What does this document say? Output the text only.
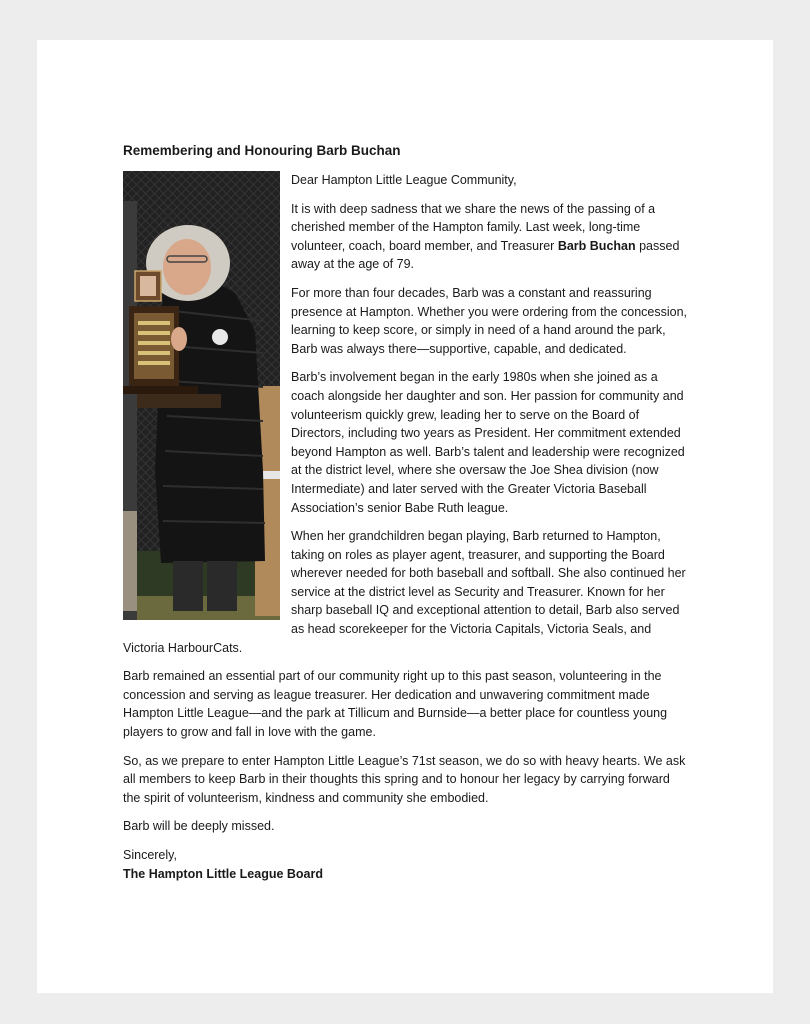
Remembering and Honouring Barb Buchan

Dear Hampton Little League Community,

It is with deep sadness that we share the news of the passing of a cherished member of the Hampton family. Last week, long-time volunteer, coach, board member, and Treasurer Barb Buchan passed away at the age of 79.

For more than four decades, Barb was a constant and reassuring presence at Hampton. Whether you were ordering from the concession, learning to keep score, or simply in need of a hand around the park, Barb was always there—supportive, capable, and dedicated.

Barb’s involvement began in the early 1980s when she joined as a coach alongside her daughter and son. Her passion for community and volunteerism quickly grew, leading her to serve on the Board of Directors, including two years as President. Her commitment extended beyond Hampton as well. Barb’s talent and leadership were recognized at the district level, where she oversaw the Joe Shea division (now Intermediate) and later served with the Greater Victoria Baseball Association’s senior Babe Ruth league.

When her grandchildren began playing, Barb returned to Hampton, taking on roles as player agent, treasurer, and supporting the Board wherever needed for both baseball and softball. She also continued her service at the district level as Security and Treasurer. Known for her sharp baseball IQ and exceptional attention to detail, Barb also served as head scorekeeper for the Victoria Capitals, Victoria Seals, and Victoria HarbourCats.

Barb remained an essential part of our community right up to this past season, volunteering in the concession and serving as league treasurer. Her dedication and unwavering commitment made Hampton Little League—and the park at Tillicum and Burnside—a better place for countless young players to grow and fall in love with the game.

So, as we prepare to enter Hampton Little League’s 71st season, we do so with heavy hearts. We ask all members to keep Barb in their thoughts this spring and to honour her legacy by carrying forward the spirit of volunteerism, kindness and community she embodied.

Barb will be deeply missed.

Sincerely,

The Hampton Little League Board
